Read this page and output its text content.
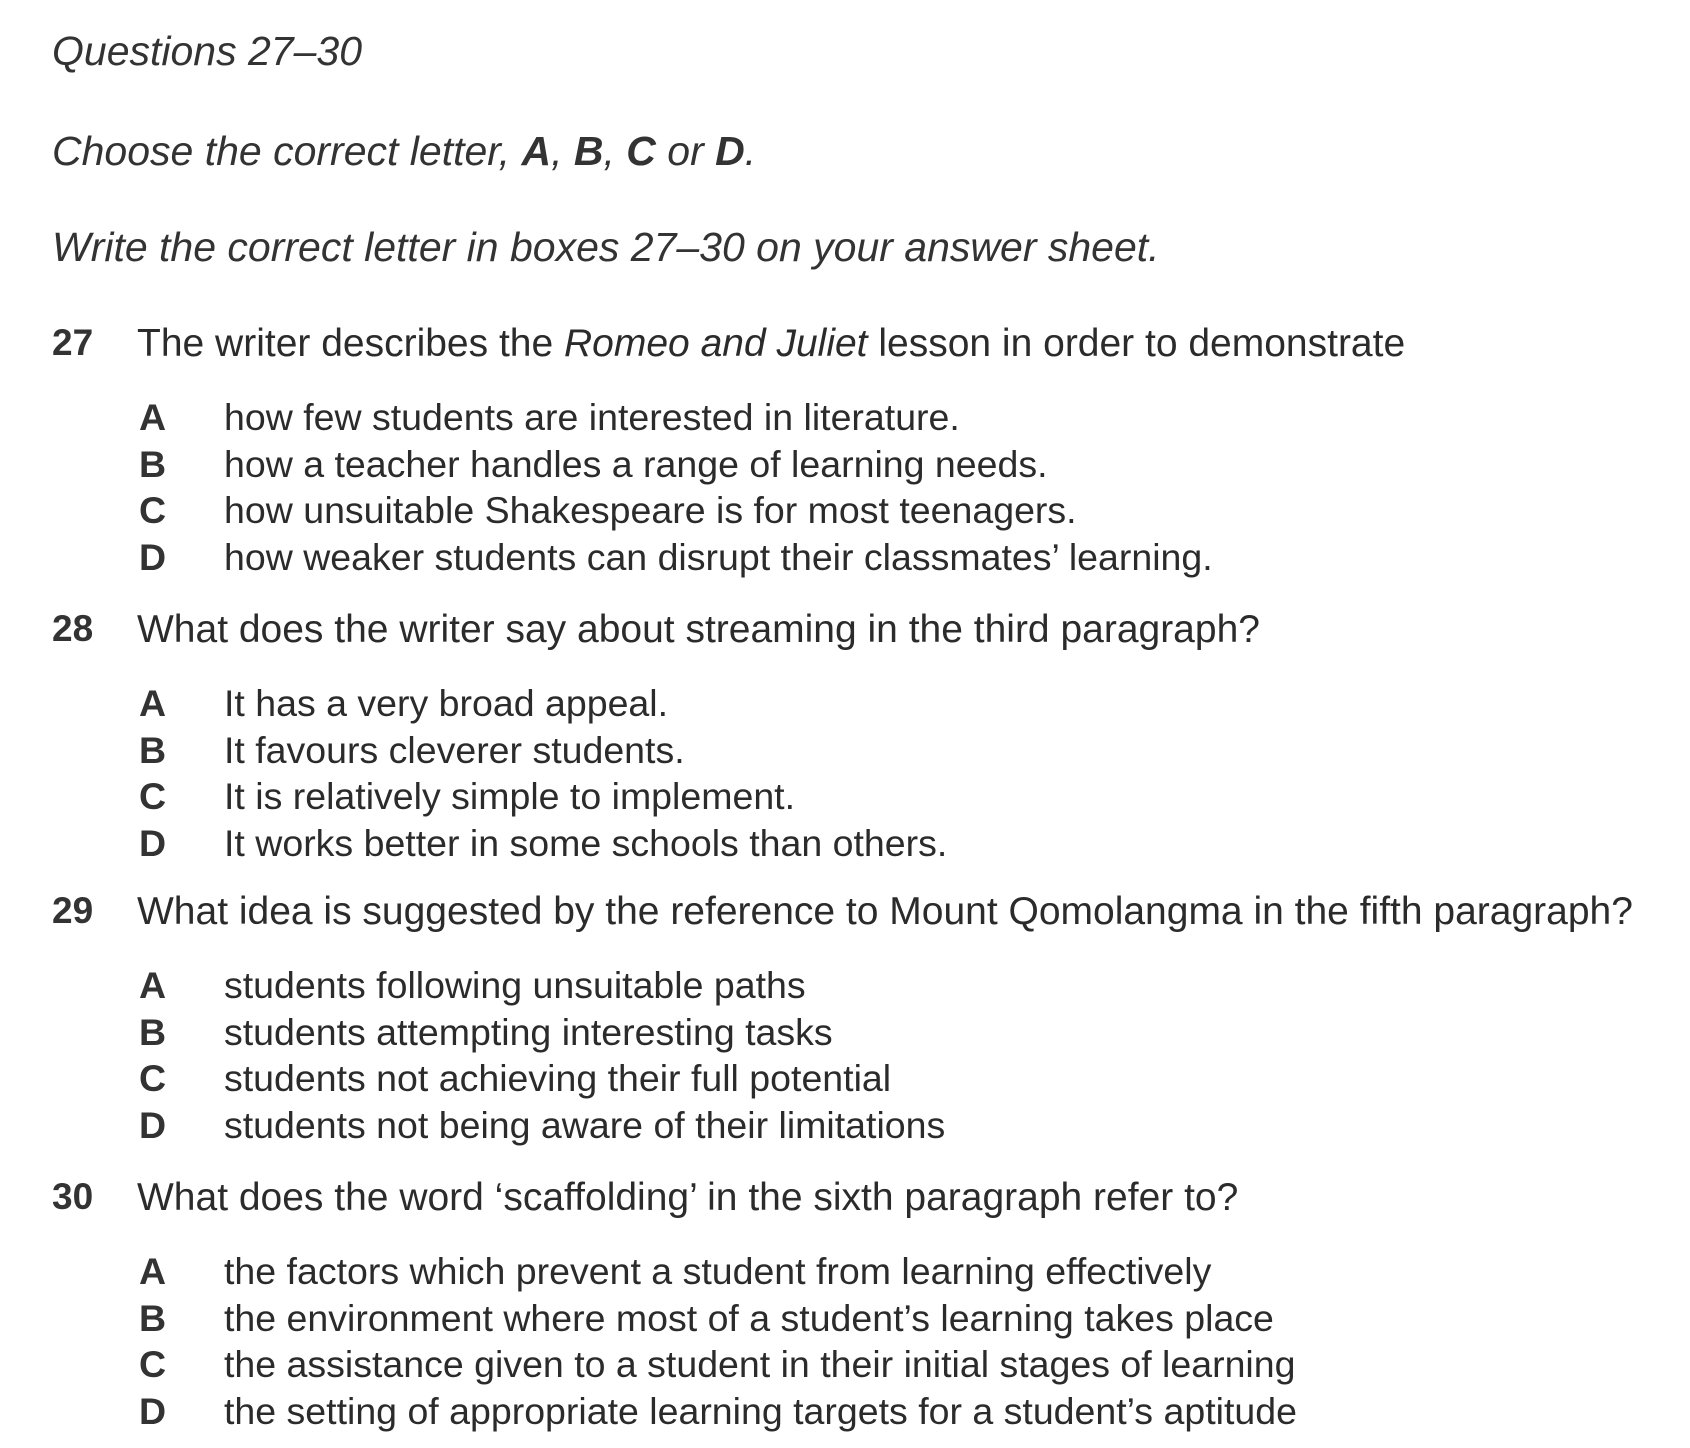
Questions 27–30
Choose the correct letter, A, B, C or D.
Write the correct letter in boxes 27–30 on your answer sheet.
27 The writer describes the Romeo and Juliet lesson in order to demonstrate
A how few students are interested in literature.
B how a teacher handles a range of learning needs.
C how unsuitable Shakespeare is for most teenagers.
D how weaker students can disrupt their classmates’ learning.
28 What does the writer say about streaming in the third paragraph?
A It has a very broad appeal.
B It favours cleverer students.
C It is relatively simple to implement.
D It works better in some schools than others.
29 What idea is suggested by the reference to Mount Qomolangma in the fifth paragraph?
A students following unsuitable paths
B students attempting interesting tasks
C students not achieving their full potential
D students not being aware of their limitations
30 What does the word ‘scaffolding’ in the sixth paragraph refer to?
A the factors which prevent a student from learning effectively
B the environment where most of a student’s learning takes place
C the assistance given to a student in their initial stages of learning
D the setting of appropriate learning targets for a student’s aptitude
